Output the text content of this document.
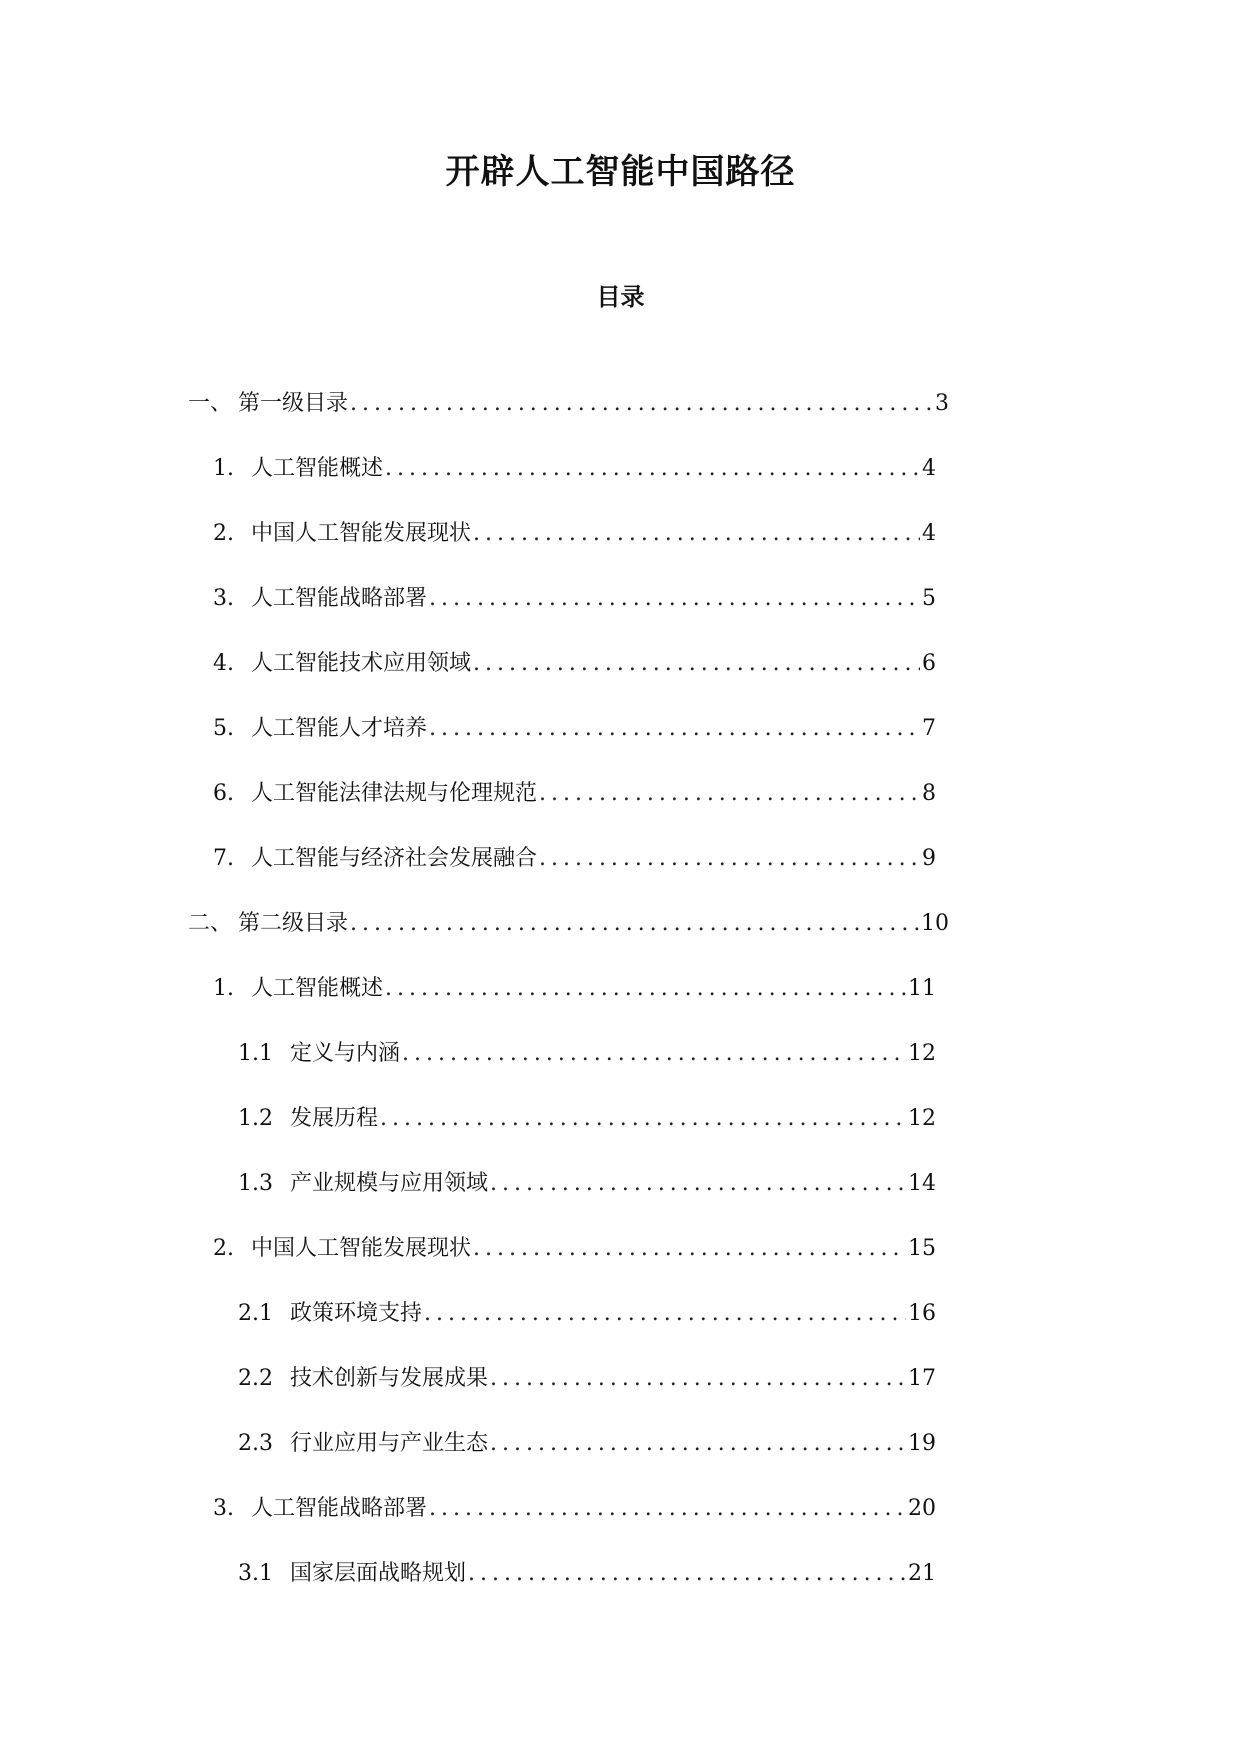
开辟人工智能中国路径
目录
一、 第一级目录 . . .	3
1. 人工智能概述 . . .	4
2. 中国人工智能发展现状 . . .	4
3. 人工智能战略部署 . . .	5
4. 人工智能技术应用领域 . . .	6
5. 人工智能人才培养 . . .	7
6. 人工智能法律法规与伦理规范 . . .	8
7. 人工智能与经济社会发展融合 . . .	9
二、 第二级目录 . . .	10
1. 人工智能概述 . . .	11
1.1 定义与内涵 . . .	12
1.2 发展历程 . . .	12
1.3 产业规模与应用领域 . . .	14
2. 中国人工智能发展现状 . . .	15
2.1 政策环境支持 . . .	16
2.2 技术创新与发展成果 . . .	17
2.3 行业应用与产业生态 . . .	19
3. 人工智能战略部署 . . .	20
3.1 国家层面战略规划 . . .	21
